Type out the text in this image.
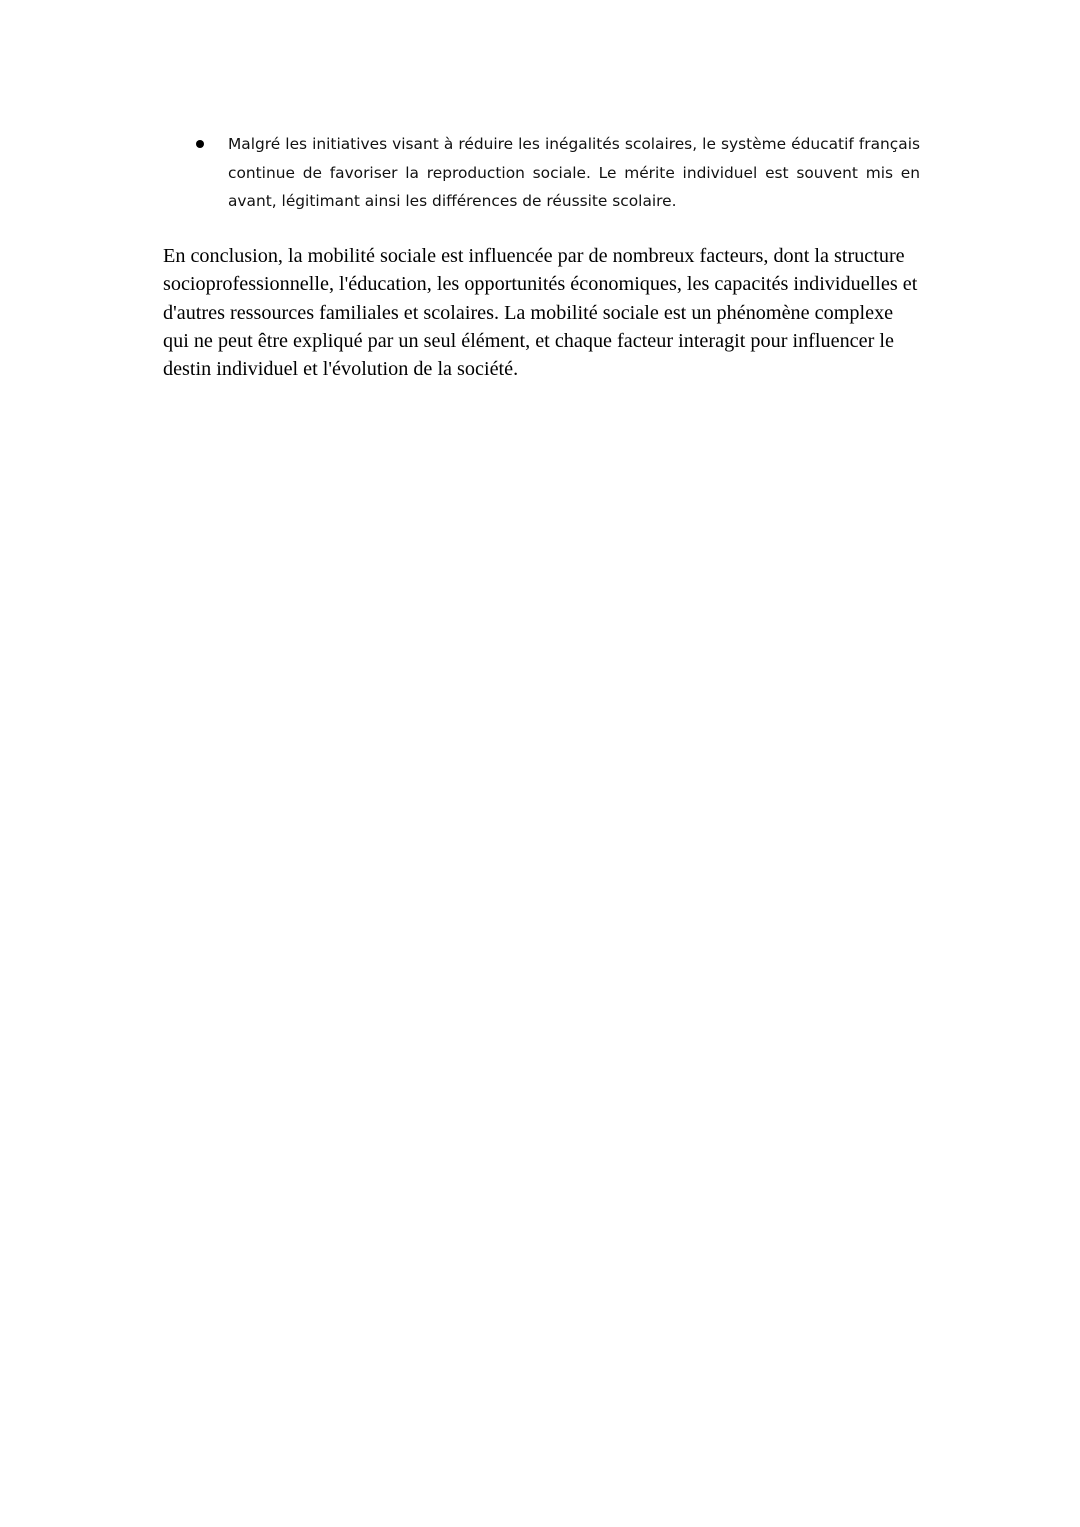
Malgré les initiatives visant à réduire les inégalités scolaires, le système éducatif français continue de favoriser la reproduction sociale. Le mérite individuel est souvent mis en avant, légitimant ainsi les différences de réussite scolaire.

En conclusion, la mobilité sociale est influencée par de nombreux facteurs, dont la structure socioprofessionnelle, l'éducation, les opportunités économiques, les capacités individuelles et d'autres ressources familiales et scolaires. La mobilité sociale est un phénomène complexe qui ne peut être expliqué par un seul élément, et chaque facteur interagit pour influencer le destin individuel et l'évolution de la société.
